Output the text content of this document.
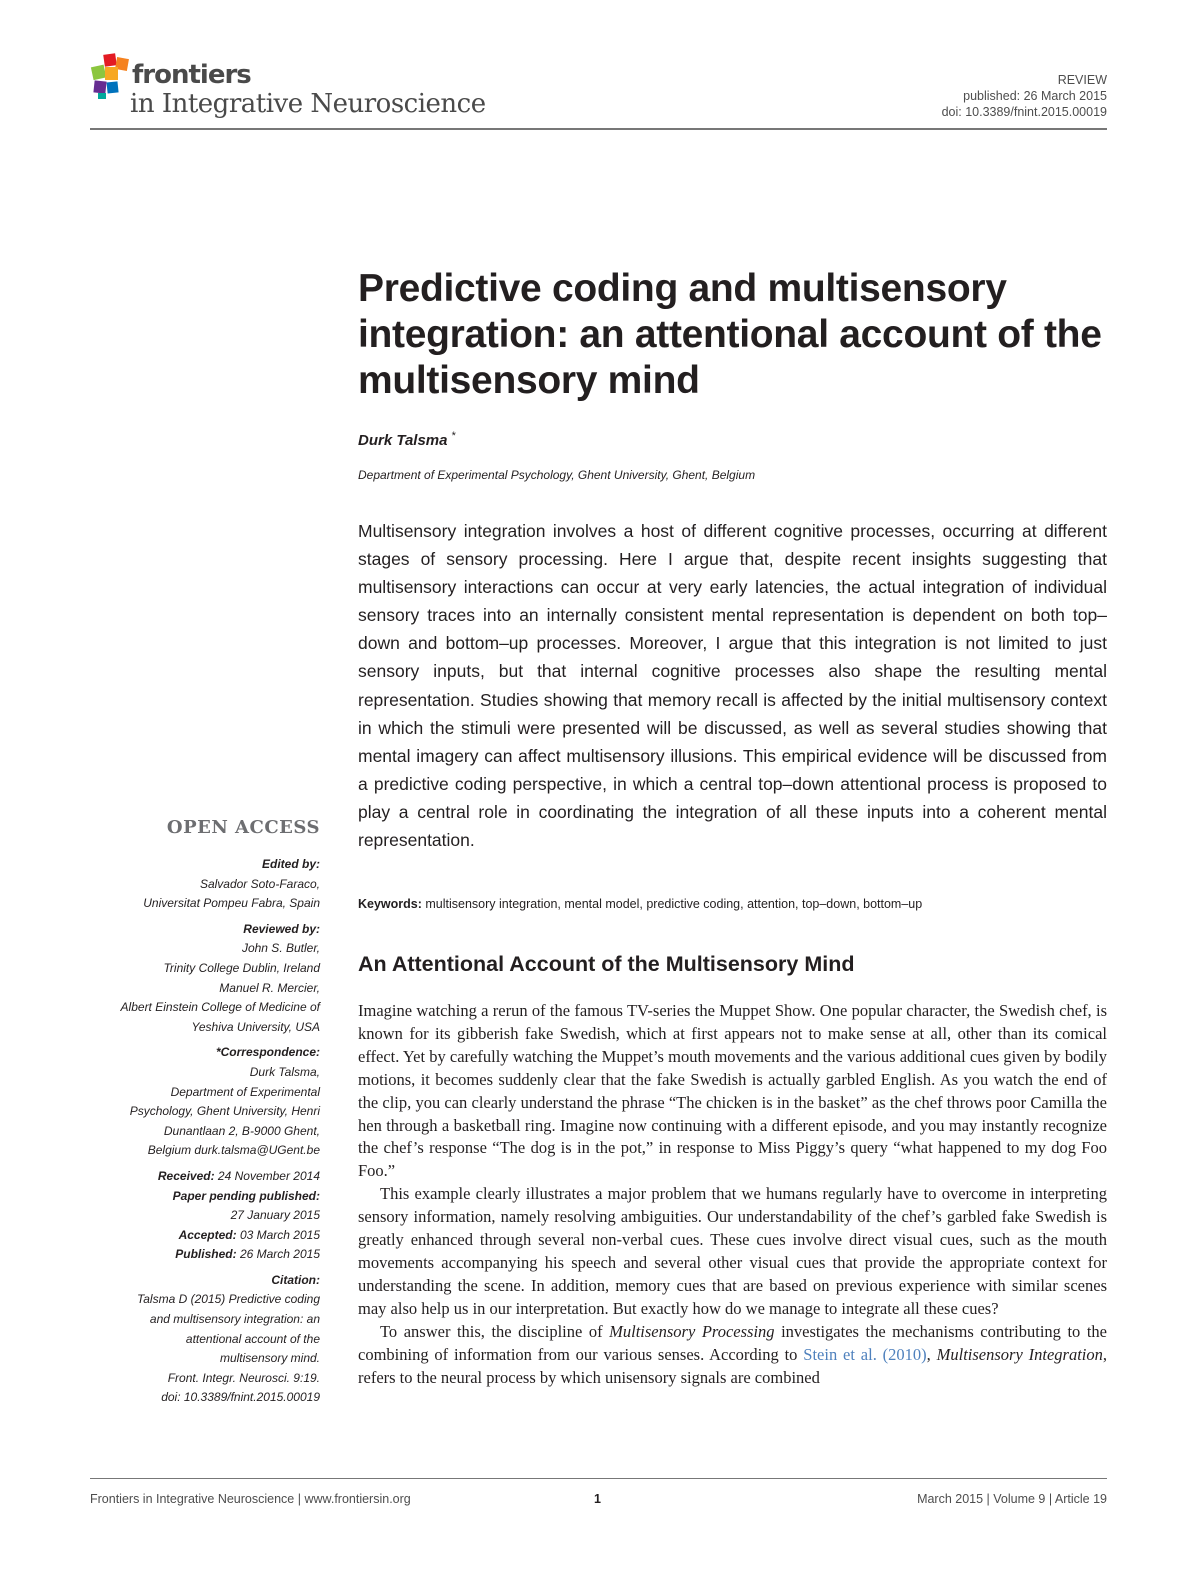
frontiers
in Integrative Neuroscience
REVIEW
published: 26 March 2015
doi: 10.3389/fnint.2015.00019
Predictive coding and multisensory integration: an attentional account of the multisensory mind
Durk Talsma *
Department of Experimental Psychology, Ghent University, Ghent, Belgium

Multisensory integration involves a host of different cognitive processes, occurring at different stages of sensory processing. Here I argue that, despite recent insights suggesting that multisensory interactions can occur at very early latencies, the actual integration of individual sensory traces into an internally consistent mental representation is dependent on both top–down and bottom–up processes. Moreover, I argue that this integration is not limited to just sensory inputs, but that internal cognitive processes also shape the resulting mental representation. Studies showing that memory recall is affected by the initial multisensory context in which the stimuli were presented will be discussed, as well as several studies showing that mental imagery can affect multisensory illusions. This empirical evidence will be discussed from a predictive coding perspective, in which a central top–down attentional process is proposed to play a central role in coordinating the integration of all these inputs into a coherent mental representation.

Keywords: multisensory integration, mental model, predictive coding, attention, top–down, bottom–up
An Attentional Account of the Multisensory Mind

Imagine watching a rerun of the famous TV-series the Muppet Show. One popular character, the Swedish chef, is known for its gibberish fake Swedish, which at first appears not to make sense at all, other than its comical effect. Yet by carefully watching the Muppet’s mouth movements and the various additional cues given by bodily motions, it becomes suddenly clear that the fake Swedish is actually garbled English. As you watch the end of the clip, you can clearly understand the phrase “The chicken is in the basket” as the chef throws poor Camilla the hen through a basketball ring. Imagine now continuing with a different episode, and you may instantly recognize the chef’s response “The dog is in the pot,” in response to Miss Piggy’s query “what happened to my dog Foo Foo.”

This example clearly illustrates a major problem that we humans regularly have to overcome in interpreting sensory information, namely resolving ambiguities. Our understandability of the chef’s garbled fake Swedish is greatly enhanced through several non-verbal cues. These cues involve direct visual cues, such as the mouth movements accompanying his speech and several other visual cues that provide the appropriate context for understanding the scene. In addition, memory cues that are based on previous experience with similar scenes may also help us in our interpretation. But exactly how do we manage to integrate all these cues?

To answer this, the discipline of Multisensory Processing investigates the mechanisms contributing to the combining of information from our various senses. According to Stein et al. (2010), Multisensory Integration, refers to the neural process by which unisensory signals are combined

OPEN ACCESS
Edited by:
Salvador Soto-Faraco,
Universitat Pompeu Fabra, Spain
Reviewed by:
John S. Butler,
Trinity College Dublin, Ireland
Manuel R. Mercier,
Albert Einstein College of Medicine of
Yeshiva University, USA
*Correspondence:
Durk Talsma,
Department of Experimental
Psychology, Ghent University, Henri
Dunantlaan 2, B-9000 Ghent,
Belgium durk.talsma@UGent.be
Received: 24 November 2014
Paper pending published:
27 January 2015
Accepted: 03 March 2015
Published: 26 March 2015
Citation:
Talsma D (2015) Predictive coding
and multisensory integration: an
attentional account of the
multisensory mind.
Front. Integr. Neurosci. 9:19.
doi: 10.3389/fnint.2015.00019
Frontiers in Integrative Neuroscience | www.frontiersin.org	1	March 2015 | Volume 9 | Article 19
